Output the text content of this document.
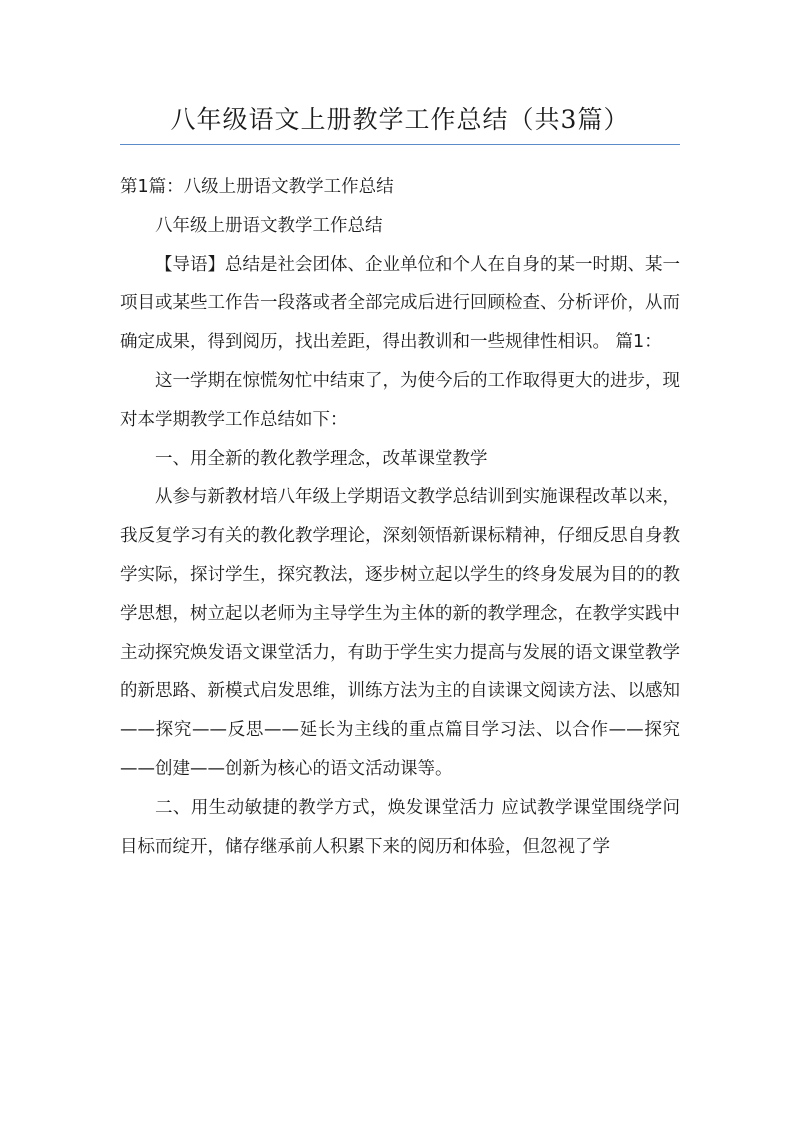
八年级语文上册教学工作总结（共3篇）

第1篇：八级上册语文教学工作总结

八年级上册语文教学工作总结

【导语】总结是社会团体、企业单位和个人在自身的某一时期、某一项目或某些工作告一段落或者全部完成后进行回顾检查、分析评价，从而确定成果，得到阅历，找出差距，得出教训和一些规律性相识。 篇1：

这一学期在惊慌匆忙中结束了，为使今后的工作取得更大的进步，现对本学期教学工作总结如下：

一、用全新的教化教学理念，改革课堂教学

从参与新教材培八年级上学期语文教学总结训到实施课程改革以来，我反复学习有关的教化教学理论，深刻领悟新课标精神，仔细反思自身教学实际，探讨学生，探究教法，逐步树立起以学生的终身发展为目的的教学思想，树立起以老师为主导学生为主体的新的教学理念，在教学实践中主动探究焕发语文课堂活力，有助于学生实力提高与发展的语文课堂教学的新思路、新模式启发思维，训练方法为主的自读课文阅读方法、以感知——探究——反思——延长为主线的重点篇目学习法、以合作——探究——创建——创新为核心的语文活动课等。

二、用生动敏捷的教学方式，焕发课堂活力 应试教学课堂围绕学问目标而绽开，储存继承前人积累下来的阅历和体验，但忽视了学
